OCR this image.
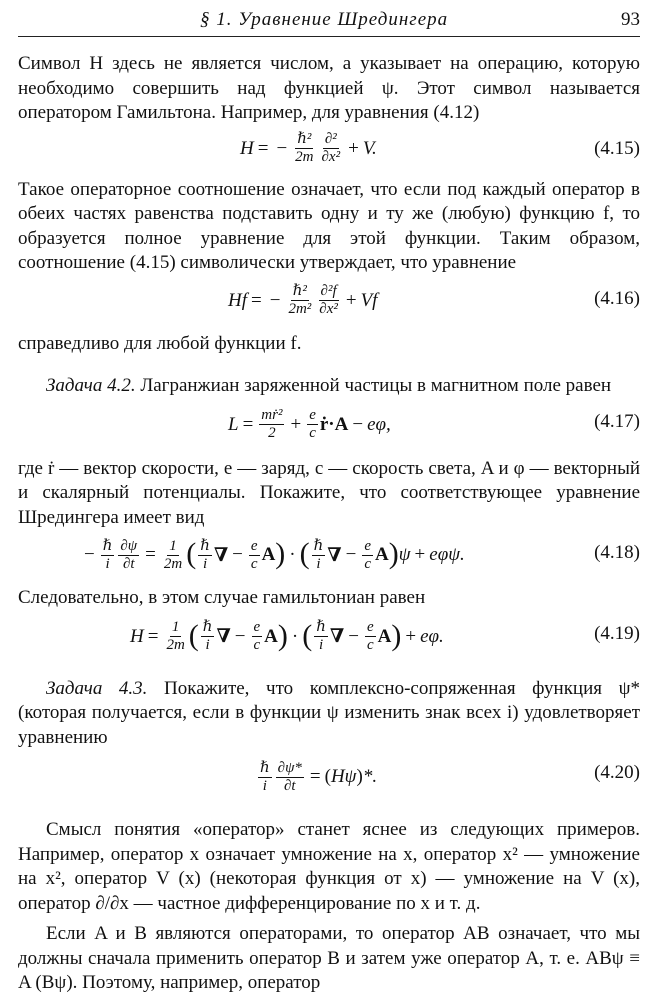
§ 1. Уравнение Шредингера	93

Символ H здесь не является числом, а указывает на операцию, которую необходимо совершить над функцией ψ. Этот символ называется оператором Гамильтона. Например, для уравнения (4.12)

H = − $\frac{\text{ℏ²}}{2m} \frac{\text{∂²}}{\text{∂x²}} + V$.	(4.15)

Такое операторное соотношение означает, что если под каждый оператор в обеих частях равенства подставить одну и ту же (любую) функцию f, то образуется полное уравнение для этой функции. Таким образом, соотношение (4.15) символически утверждает, что уравнение

Hf = − $\frac{\text{ℏ²}}{\text{2m²}} \frac{\text{∂²f}}{\text{∂x²}} + Vf$	(4.16)

справедливо для любой функции f.

Задача 4.2. Лагранжиан заряженной частицы в магнитном поле равен

$L = \frac{\text{mṙ²}}{2} + \frac{e}{c}$ ṙ·A − eφ,	(4.17)

где ṙ — вектор скорости, e — заряд, c — скорость света, A и φ — векторный и скалярный потенциалы. Покажите, что соответствующее уравнение Шредингера имеет вид

− $\frac{\text{ℏ}}{i} \frac{\partial\psi}{\partial t} = \frac{1}{2m}$ ( $\frac{\text{ℏ}}{i}$ ∇ − $\frac{e}{c}$ A ) · ( $\frac{\text{ℏ}}{i}$ ∇ − $\frac{e}{c}$ A ) ψ + eφψ.	(4.18)

Следовательно, в этом случае гамильтониан равен

$H = \frac{1}{2m}$ ( $\frac{\text{ℏ}}{i}$ ∇ − $\frac{e}{c}$ A ) · ( $\frac{\text{ℏ}}{i}$ ∇ − $\frac{e}{c}$ A ) + eφ.	(4.19)

Задача 4.3. Покажите, что комплексно-сопряженная функция ψ* (которая получается, если в функции ψ изменить знак всех i) удовлетворяет уравнению

$\frac{\text{ℏ}}{i} \frac{\partial\psi*}{\partial t}$ = ( Hψ ) *.	(4.20)

Смысл понятия «оператор» станет яснее из следующих примеров. Например, оператор x означает умножение на x, оператор x² — умножение на x², оператор V (x) (некоторая функция от x) — умножение на V (x), оператор ∂/∂x — частное дифференцирование по x и т. д.

Если A и B являются операторами, то оператор AB означает, что мы должны сначала применить оператор B и затем уже оператор A, т. е. ABψ ≡ A (Bψ). Поэтому, например, оператор
